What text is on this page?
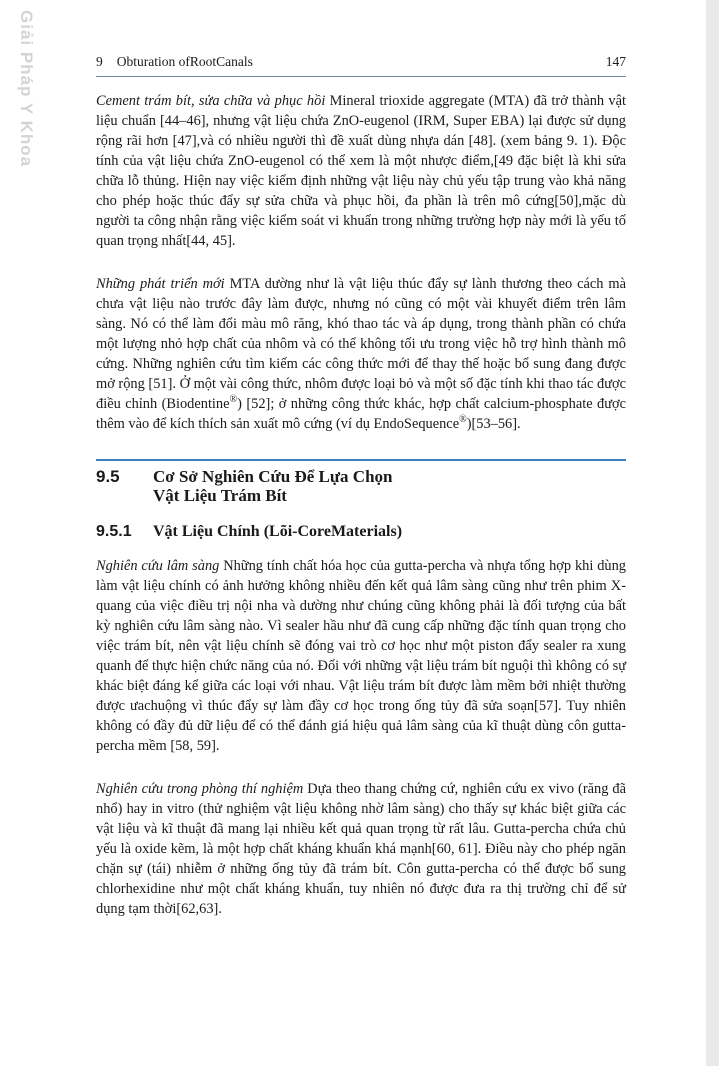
Giải Pháp Y Khoa	9 Obturation ofRootCanals	147

Cement trám bít, sửa chữa và phục hồi Mineral trioxide aggregate (MTA) đã trở thành vật liệu chuẩn [44–46], nhưng vật liệu chứa ZnO-eugenol (IRM, Super EBA) lại được sử dụng rộng rãi hơn [47],và có nhiều người thì đề xuất dùng nhựa dán [48]. (xem bảng 9. 1). Độc tính của vật liệu chứa ZnO-eugenol có thể xem là một nhược điểm,[49 đặc biệt là khi sửa chữa lỗ thủng. Hiện nay việc kiểm định những vật liệu này chủ yếu tập trung vào khả năng cho phép hoặc thúc đẩy sự sửa chữa và phục hồi, đa phần là trên mô cứng[50],mặc dù người ta công nhận rằng việc kiểm soát vi khuẩn trong những trường hợp này mới là yếu tố quan trọng nhất[44, 45].

Những phát triển mới MTA dường như là vật liệu thúc đẩy sự lành thương theo cách mà chưa vật liệu nào trước đây làm được, nhưng nó cũng có một vài khuyết điểm trên lâm sàng. Nó có thể làm đổi màu mô răng, khó thao tác và áp dụng, trong thành phần có chứa một lượng nhỏ hợp chất của nhôm và có thể không tối ưu trong việc hỗ trợ hình thành mô cứng. Những nghiên cứu tìm kiếm các công thức mới để thay thế hoặc bổ sung đang được mở rộng [51]. Ở một vài công thức, nhôm được loại bỏ và một số đặc tính khi thao tác được điều chỉnh (Biodentine®) [52]; ở những công thức khác, hợp chất calcium-phosphate được thêm vào để kích thích sản xuất mô cứng (ví dụ EndoSequence®)[53–56].

9.5	Cơ Sở Nghiên Cứu Để Lựa Chọn
Vật Liệu Trám Bít
9.5.1	Vật Liệu Chính (Lõi-CoreMaterials)

Nghiên cứu lâm sàng Những tính chất hóa học của gutta-percha và nhựa tổng hợp khi dùng làm vật liệu chính có ảnh hưởng không nhiều đến kết quả lâm sàng cũng như trên phim X-quang của việc điều trị nội nha và dường như chúng cũng không phải là đối tượng của bất kỳ nghiên cứu lâm sàng nào. Vì sealer hầu như đã cung cấp những đặc tính quan trọng cho việc trám bít, nên vật liệu chính sẽ đóng vai trò cơ học như một piston đẩy sealer ra xung quanh để thực hiện chức năng của nó. Đối với những vật liệu trám bít nguội thì không có sự khác biệt đáng kể giữa các loại với nhau. Vật liệu trám bít được làm mềm bởi nhiệt thường được ưachuộng vì thúc đẩy sự làm đầy cơ học trong ống tủy đã sửa soạn[57]. Tuy nhiên không có đầy đủ dữ liệu để có thể đánh giá hiệu quả lâm sàng của kĩ thuật dùng côn gutta-percha mềm [58, 59].

Nghiên cứu trong phòng thí nghiệm Dựa theo thang chứng cứ, nghiên cứu ex vivo (răng đã nhổ) hay in vitro (thử nghiệm vật liệu không nhờ lâm sàng) cho thấy sự khác biệt giữa các vật liệu và kĩ thuật đã mang lại nhiều kết quả quan trọng từ rất lâu. Gutta-percha chứa chủ yếu là oxide kẽm, là một hợp chất kháng khuẩn khá mạnh[60, 61]. Điều này cho phép ngăn chặn sự (tái) nhiễm ở những ống tủy đã trám bít. Côn gutta-percha có thể được bổ sung chlorhexidine như một chất kháng khuẩn, tuy nhiên nó được đưa ra thị trường chỉ để sử dụng tạm thời[62,63].
